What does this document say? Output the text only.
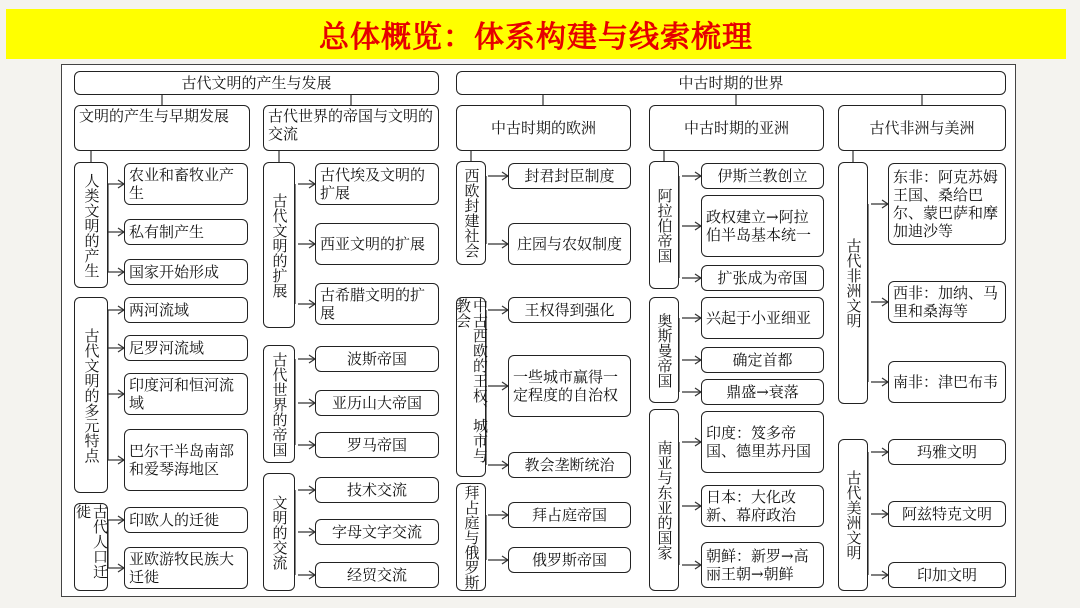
总体概览：体系构建与线索梳理
古代文明的产生与发展	中古时期的世界
文明的产生与早期发展
人类文明的产生	农业和畜牧业产生
私有制产生
国家开始形成
古代文明的多元特点
两河流域
尼罗河流域
印度河和恒河流域
巴尔干半岛南部和爱琴海地区
古代人口迁徙	印欧人的迁徙
亚欧游牧民族大迁徙
古代世界的帝国与文明的交流
古代文明的扩展
古代埃及文明的扩展
西亚文明的扩展
古希腊文明的扩展
古代世界的帝国	波斯帝国
亚历山大帝国
罗马帝国
文明的交流
技术交流
字母文字交流
经贸交流
中古时期的欧洲
西欧封建社会	封君封臣制度
庄园与农奴制度
中古西欧的王权、城市与教会	王权得到强化
一些城市赢得一定程度的自治权
教会垄断统治
拜占庭与俄罗斯	拜占庭帝国
俄罗斯帝国
中古时期的亚洲
阿拉伯帝国
伊斯兰教创立
政权建立→阿拉伯半岛基本统一
扩张成为帝国
奥斯曼帝国	兴起于小亚细亚
确定首都
鼎盛→衰落
南亚与东亚的国家
印度：笈多帝国、德里苏丹国
日本：大化改新、幕府政治
朝鲜：新罗→高丽王朝→朝鲜
古代非洲与美洲
古代非洲文明
东非：阿克苏姆王国、桑给巴尔、蒙巴萨和摩加迪沙等
西非：加纳、马里和桑海等
南非：津巴布韦
古代美洲文明
玛雅文明
阿兹特克文明
印加文明
